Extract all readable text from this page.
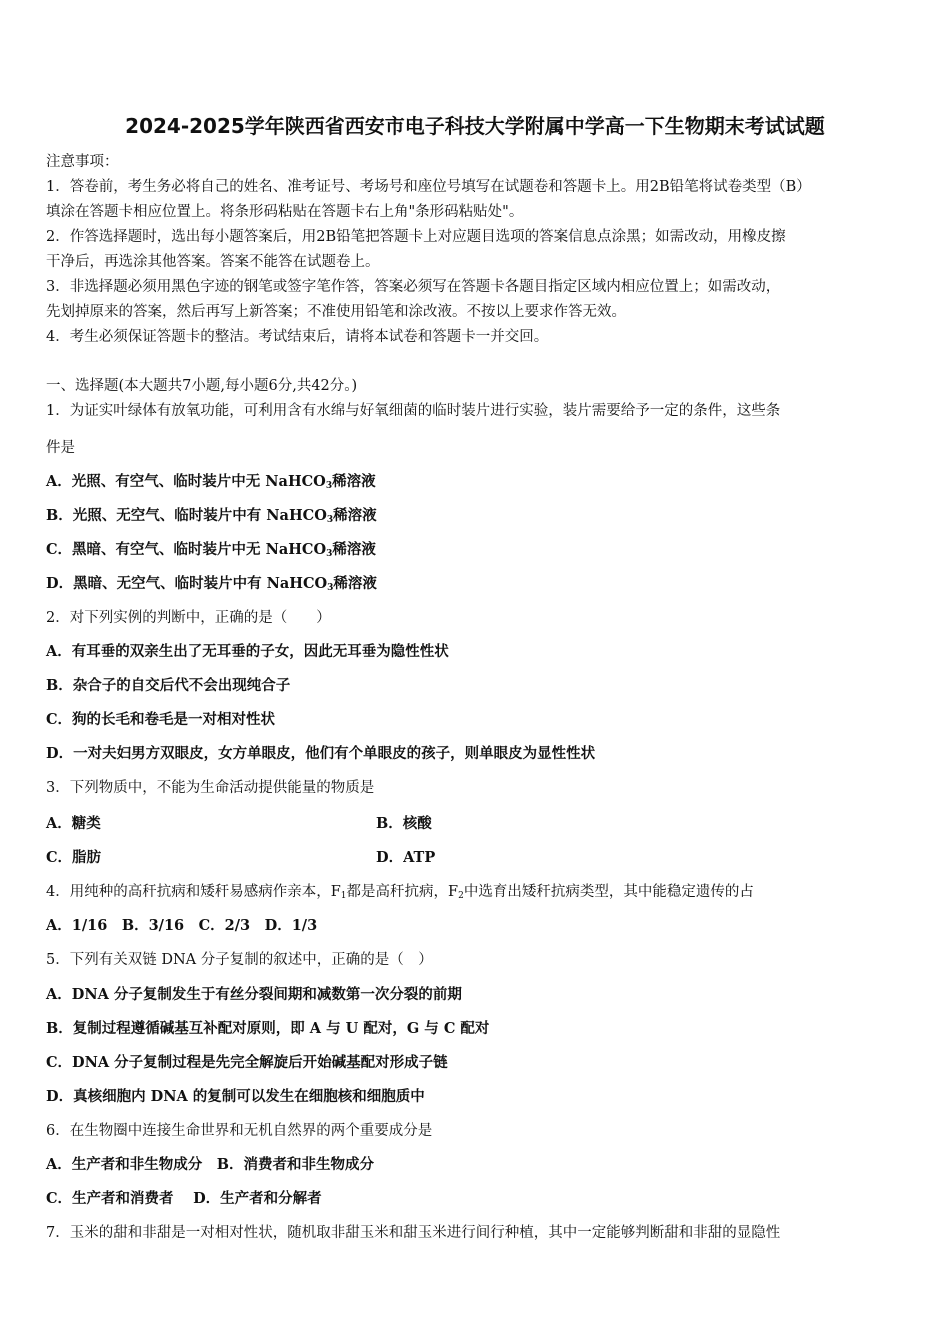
2024-2025学年陕西省西安市电子科技大学附属中学高一下生物期末考试试题
注意事项：
1．答卷前，考生务必将自己的姓名、准考证号、考场号和座位号填写在试题卷和答题卡上。用2B铅笔将试卷类型（B）
填涂在答题卡相应位置上。将条形码粘贴在答题卡右上角"条形码粘贴处"。
2．作答选择题时，选出每小题答案后，用2B铅笔把答题卡上对应题目选项的答案信息点涂黑；如需改动，用橡皮擦
干净后，再选涂其他答案。答案不能答在试题卷上。
3．非选择题必须用黑色字迹的钢笔或签字笔作答，答案必须写在答题卡各题目指定区域内相应位置上；如需改动，
先划掉原来的答案，然后再写上新答案；不准使用铅笔和涂改液。不按以上要求作答无效。
4．考生必须保证答题卡的整洁。考试结束后，请将本试卷和答题卡一并交回。
一、选择题(本大题共7小题,每小题6分,共42分。)
1．为证实叶绿体有放氧功能，可利用含有水绵与好氧细菌的临时装片进行实验，装片需要给予一定的条件，这些条
件是
A．光照、有空气、临时装片中无 NaHCO$_3$稀溶液
B．光照、无空气、临时装片中有 NaHCO$_3$稀溶液
C．黑暗、有空气、临时装片中无 NaHCO$_3$稀溶液
D．黑暗、无空气、临时装片中有 NaHCO$_3$稀溶液
2．对下列实例的判断中，正确的是（　　）
A．有耳垂的双亲生出了无耳垂的子女，因此无耳垂为隐性性状
B．杂合子的自交后代不会出现纯合子
C．狗的长毛和卷毛是一对相对性状
D．一对夫妇男方双眼皮，女方单眼皮，他们有个单眼皮的孩子，则单眼皮为显性性状
3．下列物质中，不能为生命活动提供能量的物质是
A．糖类	B．核酸
C．脂肪	D．ATP
4．用纯种的高秆抗病和矮秆易感病作亲本，$F_1$都是高秆抗病，$F_2$中选育出矮秆抗病类型，其中能稳定遗传的占
A．1/16　B．3/16　C．2/3　D．1/3
5．下列有关双链 DNA 分子复制的叙述中，正确的是（　）
A．DNA 分子复制发生于有丝分裂间期和减数第一次分裂的前期
B．复制过程遵循碱基互补配对原则，即 A 与 U 配对，G 与 C 配对
C．DNA 分子复制过程是先完全解旋后开始碱基配对形成子链
D．真核细胞内 DNA 的复制可以发生在细胞核和细胞质中
6．在生物圈中连接生命世界和无机自然界的两个重要成分是
A．生产者和非生物成分　B．消费者和非生物成分
C．生产者和消费者　 D．生产者和分解者
7．玉米的甜和非甜是一对相对性状，随机取非甜玉米和甜玉米进行间行种植，其中一定能够判断甜和非甜的显隐性
